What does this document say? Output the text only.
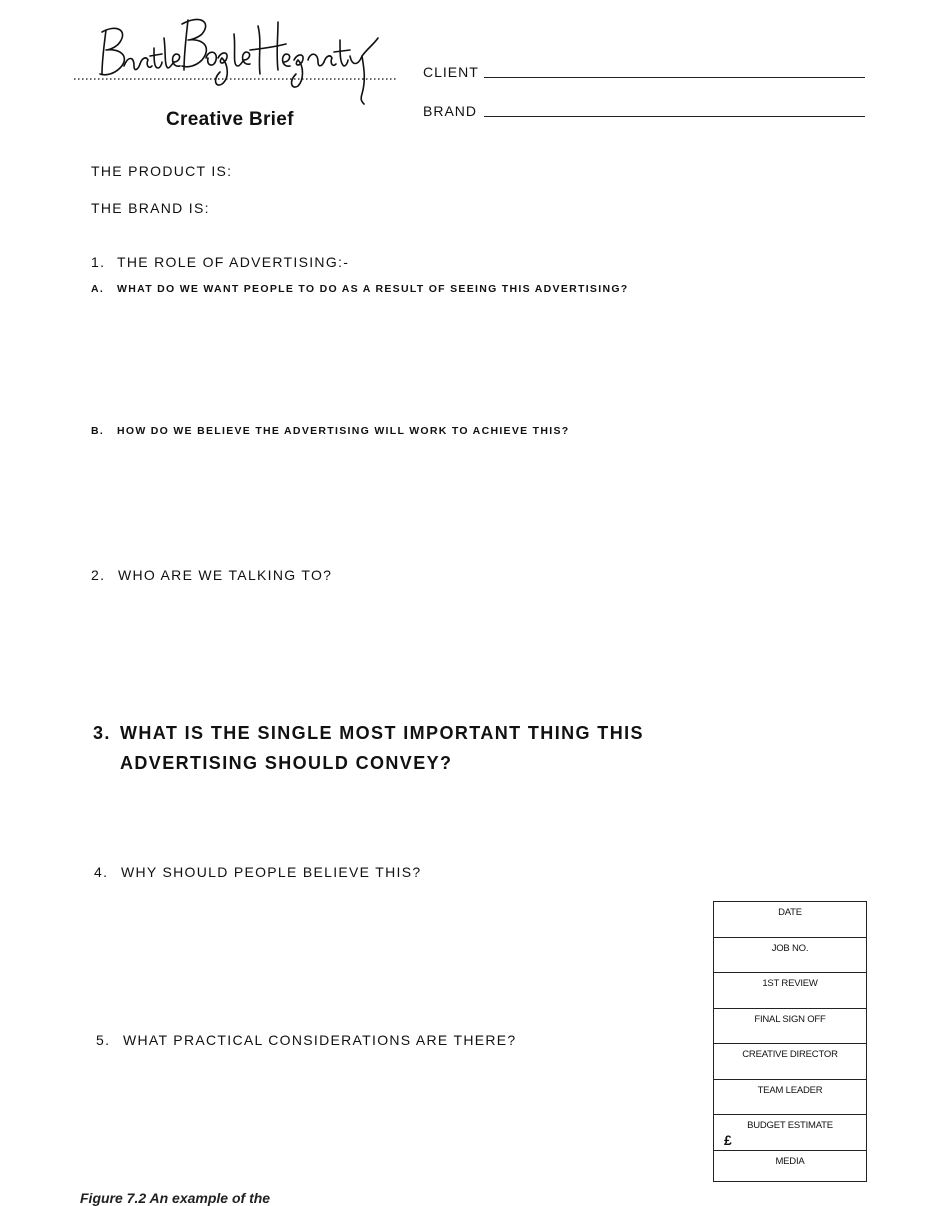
Creative Brief
CLIENT
BRAND
THE PRODUCT IS:
THE BRAND IS:
1. THE ROLE OF ADVERTISING:-
A. WHAT DO WE WANT PEOPLE TO DO AS A RESULT OF SEEING THIS ADVERTISING?
B. HOW DO WE BELIEVE THE ADVERTISING WILL WORK TO ACHIEVE THIS?
2. WHO ARE WE TALKING TO?
3. WHAT IS THE SINGLE MOST IMPORTANT THING THIS
ADVERTISING SHOULD CONVEY?
4. WHY SHOULD PEOPLE BELIEVE THIS?
5. WHAT PRACTICAL CONSIDERATIONS ARE THERE?
DATE
JOB NO.
1ST REVIEW
FINAL SIGN OFF
CREATIVE DIRECTOR
TEAM LEADER
BUDGET ESTIMATE
£
MEDIA
Figure 7.2 An example of the
